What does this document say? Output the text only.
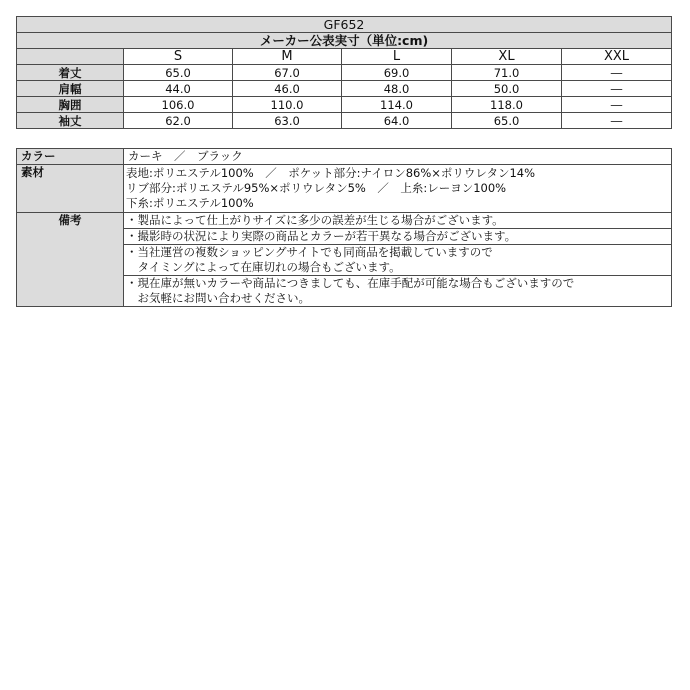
GF652					
メーカー公表実寸（単位:cm)					
	S	M	L	XL	XXL
着丈	65.0	67.0	69.0	71.0	―
肩幅	44.0	46.0	48.0	50.0	―
胸囲	106.0	110.0	114.0	118.0	―
袖丈	62.0	63.0	64.0	65.0	―
カラー	カーキ　／　ブラック
素材	表地:ポリエステル100%　／　ポケット部分:ナイロン86%×ポリウレタン14%
リブ部分:ポリエステル95%×ポリウレタン5%　／　上糸:レーヨン100%
下糸:ポリエステル100%

備考	・製品によって仕上がりサイズに多少の誤差が生じる場合がございます。

	・撮影時の状況により実際の商品とカラーが若干異なる場合がございます。

	・当社運営の複数ショッピングサイトでも同商品を掲載していますので
　タイミングによって在庫切れの場合もございます。

	・現在庫が無いカラーや商品につきましても、在庫手配が可能な場合もございますので
　お気軽にお問い合わせください。
